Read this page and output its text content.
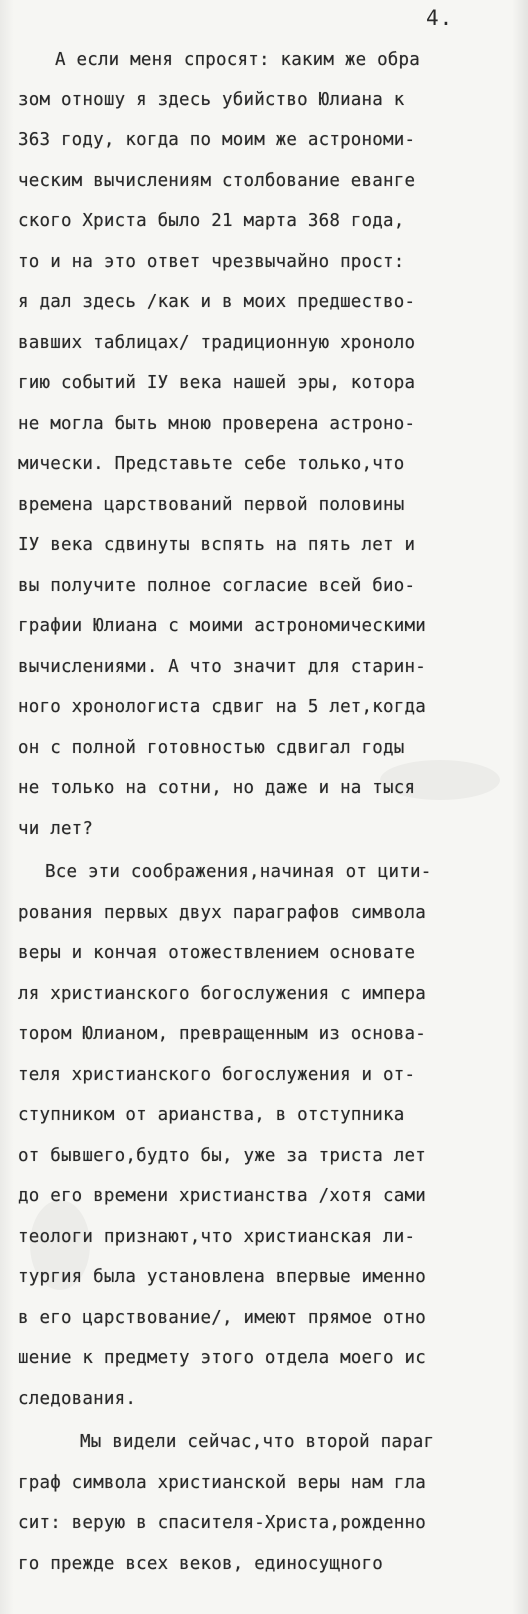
4.
А если меня спросят: каким же обра
зом отношу я здесь убийство Юлиана к
363 году, когда по моим же астрономи-
ческим вычислениям столбование еванге
ского Христа было 21 марта 368 года,
то и на это ответ чрезвычайно прост:
я дал здесь /как и в моих предшество-
вавших таблицах/ традиционную хроноло
гию событий IУ века нашей эры, котора
не могла быть мною проверена астроно-
мически. Представьте себе только,что
времена царствований первой половины
IУ века сдвинуты вспять на пять лет и
вы получите полное согласие всей био-
графии Юлиана с моими астрономическими
вычислениями. А что значит для старин-
ного хронологиста сдвиг на 5 лет,когда
он с полной готовностью сдвигал годы
не только на сотни, но даже и на тыся
чи лет?
Все эти соображения,начиная от цити-
рования первых двух параграфов символа
веры и кончая отожествлением основате
ля христианского богослужения с импера
тором Юлианом, превращенным из основа-
теля христианского богослужения и от-
ступником от арианства, в отступника
от бывшего,будто бы, уже за триста лет
до его времени христианства /хотя сами
теологи признают,что христианская ли-
тургия была установлена впервые именно
в его царствование/, имеют прямое отно
шение к предмету этого отдела моего ис
следования.
Мы видели сейчас,что второй параг
граф символа христианской веры нам гла
сит: верую в спасителя-Христа,рожденно
го прежде всех веков, единосущного
